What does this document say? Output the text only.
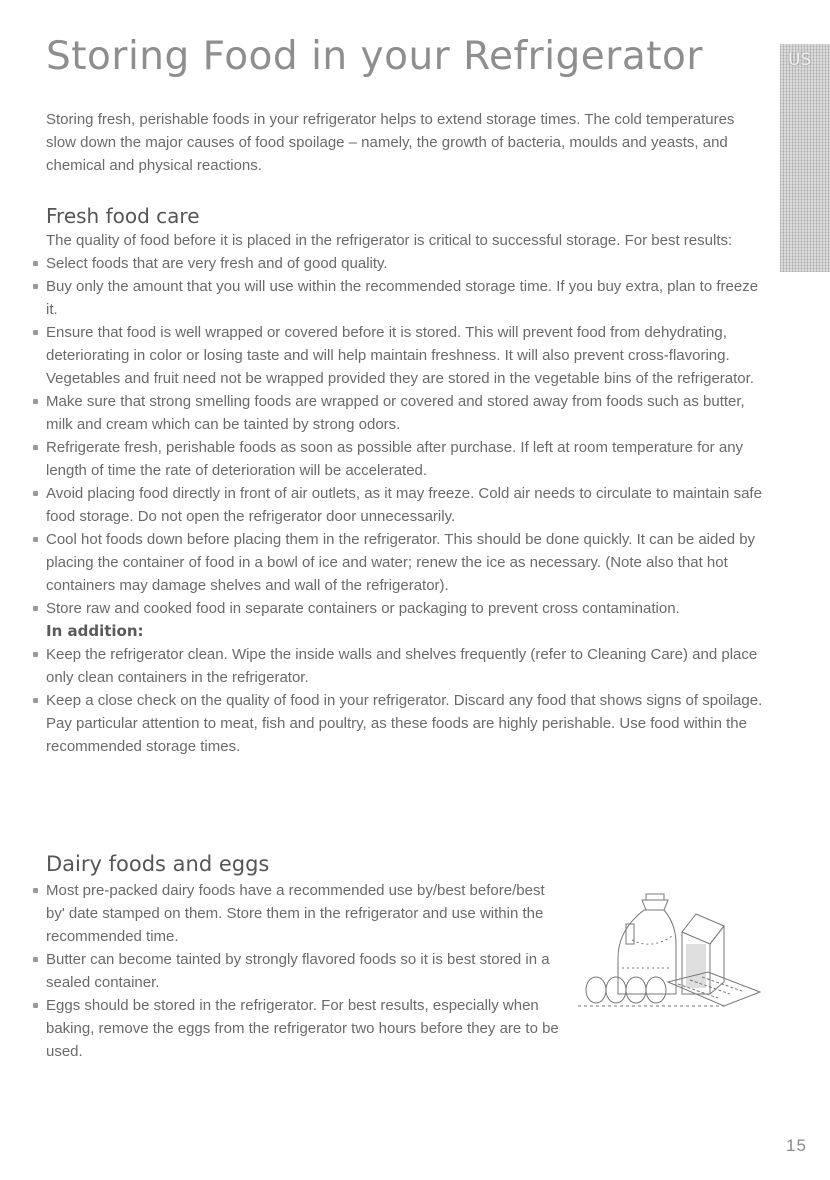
Storing Food in your Refrigerator	US

Storing fresh, perishable foods in your refrigerator helps to extend storage times. The cold temperatures slow down the major causes of food spoilage – namely, the growth of bacteria, moulds and yeasts, and chemical and physical reactions.

Fresh food care

The quality of food before it is placed in the refrigerator is critical to successful storage. For best results:

Select foods that are very fresh and of good quality.
Buy only the amount that you will use within the recommended storage time. If you buy extra, plan to freeze it.
Ensure that food is well wrapped or covered before it is stored. This will prevent food from dehydrating, deteriorating in color or losing taste and will help maintain freshness. It will also prevent cross-flavoring. Vegetables and fruit need not be wrapped provided they are stored in the vegetable bins of the refrigerator.
Make sure that strong smelling foods are wrapped or covered and stored away from foods such as butter, milk and cream which can be tainted by strong odors.
Refrigerate fresh, perishable foods as soon as possible after purchase. If left at room temperature for any length of time the rate of deterioration will be accelerated.
Avoid placing food directly in front of air outlets, as it may freeze. Cold air needs to circulate to maintain safe food storage. Do not open the refrigerator door unnecessarily.
Cool hot foods down before placing them in the refrigerator. This should be done quickly. It can be aided by placing the container of food in a bowl of ice and water; renew the ice as necessary. (Note also that hot containers may damage shelves and wall of the refrigerator).
Store raw and cooked food in separate containers or packaging to prevent cross contamination.
In addition:
Keep the refrigerator clean. Wipe the inside walls and shelves frequently (refer to Cleaning Care) and place only clean containers in the refrigerator.
Keep a close check on the quality of food in your refrigerator. Discard any food that shows signs of spoilage. Pay particular attention to meat, fish and poultry, as these foods are highly perishable. Use food within the recommended storage times.
Dairy foods and eggs
Most pre-packed dairy foods have a recommended use by/best before/best by' date stamped on them. Store them in the refrigerator and use within the recommended time.
Butter can become tainted by strongly flavored foods so it is best stored in a sealed container.
Eggs should be stored in the refrigerator. For best results, especially when baking, remove the eggs from the refrigerator two hours before they are to be used.
15
